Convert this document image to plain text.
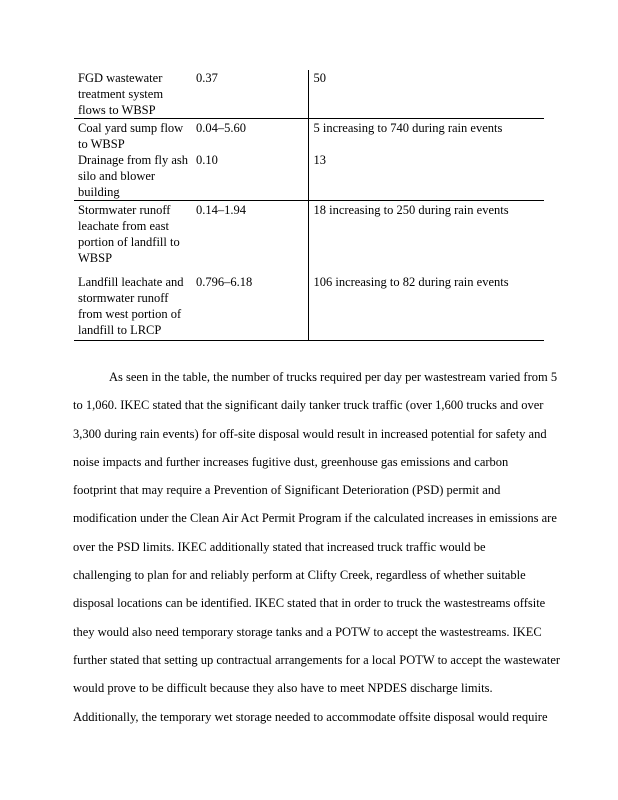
FGD wastewater treatment system flows to WBSP	0.37	50
Coal yard sump flow to WBSP	0.04–5.60	5 increasing to 740 during rain events
Drainage from fly ash silo and blower building	0.10	13
Stormwater runoff leachate from east portion of landfill to WBSP	0.14–1.94	18 increasing to 250 during rain events
Landfill leachate and stormwater runoff from west portion of landfill to LRCP	0.796–6.18	106 increasing to 82 during rain events
As seen in the table, the number of trucks required per day per wastestream varied from 5
to 1,060. IKEC stated that the significant daily tanker truck traffic (over 1,600 trucks and over
3,300 during rain events) for off-site disposal would result in increased potential for safety and
noise impacts and further increases fugitive dust, greenhouse gas emissions and carbon
footprint that may require a Prevention of Significant Deterioration (PSD) permit and
modification under the Clean Air Act Permit Program if the calculated increases in emissions are
over the PSD limits. IKEC additionally stated that increased truck traffic would be
challenging to plan for and reliably perform at Clifty Creek, regardless of whether suitable
disposal locations can be identified. IKEC stated that in order to truck the wastestreams offsite
they would also need temporary storage tanks and a POTW to accept the wastestreams. IKEC
further stated that setting up contractual arrangements for a local POTW to accept the wastewater
would prove to be difficult because they also have to meet NPDES discharge limits.
Additionally, the temporary wet storage needed to accommodate offsite disposal would require
